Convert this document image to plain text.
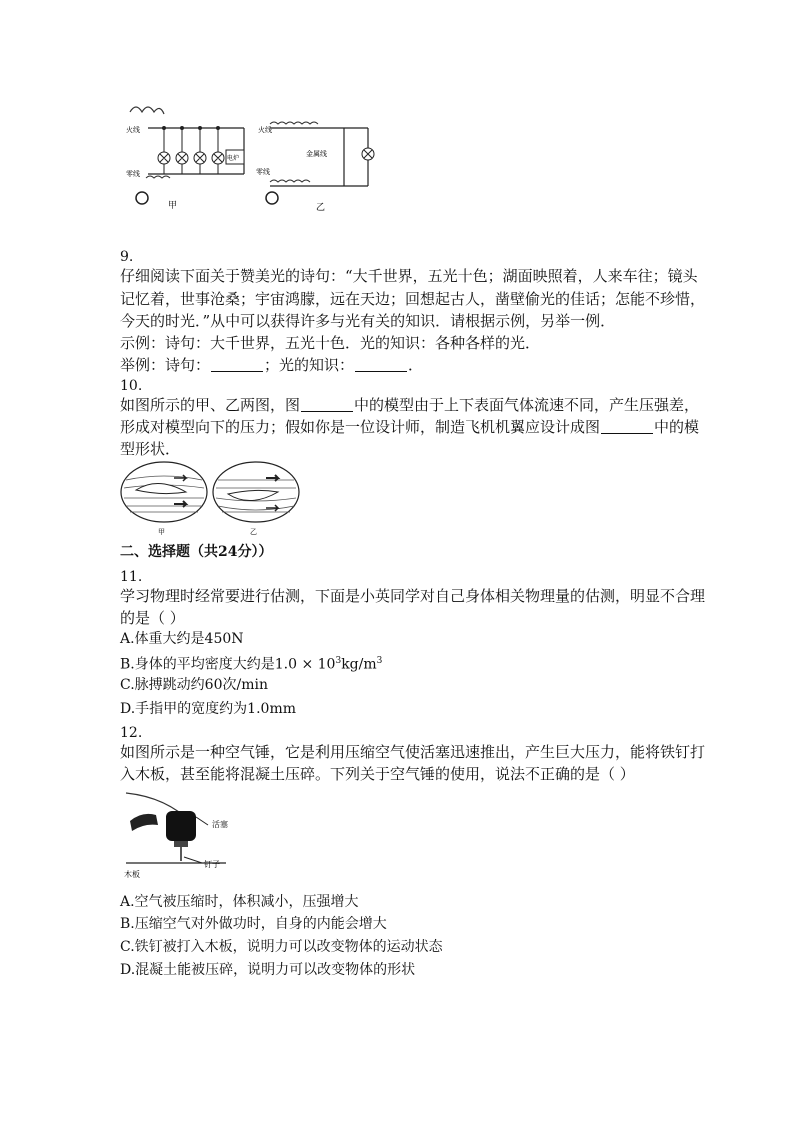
火线
电炉
零线
甲
火线
金属线
零线
乙
9.
仔细阅读下面关于赞美光的诗句：“大千世界，五光十色；湖面映照着，人来车往；镜头
记忆着，世事沧桑；宇宙鸿朦，远在天边；回想起古人，凿壁偷光的佳话；怎能不珍惜，
今天的时光．”从中可以获得许多与光有关的知识．请根据示例，另举一例．
示例：诗句：大千世界，五光十色．光的知识：各种各样的光．
举例：诗句：	；光的知识：	．
10.
如图所示的甲、乙两图，图	中的模型由于上下表面气体流速不同，产生压强差，
形成对模型向下的压力；假如你是一位设计师，制造飞机机翼应设计成图	中的模
型形状．
甲	乙
二、选择题（共24分））
11.
学习物理时经常要进行估测，下面是小英同学对自己身体相关物理量的估测，明显不合理
的是（ ）
A.体重大约是450N
B.身体的平均密度大约是$1.0 \times 10^3kg/m^3$
C.脉搏跳动约60次/min
D.手指甲的宽度约为1.0mm
12.
如图所示是一种空气锤，它是利用压缩空气使活塞迅速推出，产生巨大压力，能将铁钉打
入木板，甚至能将混凝土压碎。下列关于空气锤的使用，说法不正确的是（ ）
活塞
钉子
木板
A.空气被压缩时，体积减小，压强增大
B.压缩空气对外做功时，自身的内能会增大
C.铁钉被打入木板，说明力可以改变物体的运动状态
D.混凝土能被压碎，说明力可以改变物体的形状
